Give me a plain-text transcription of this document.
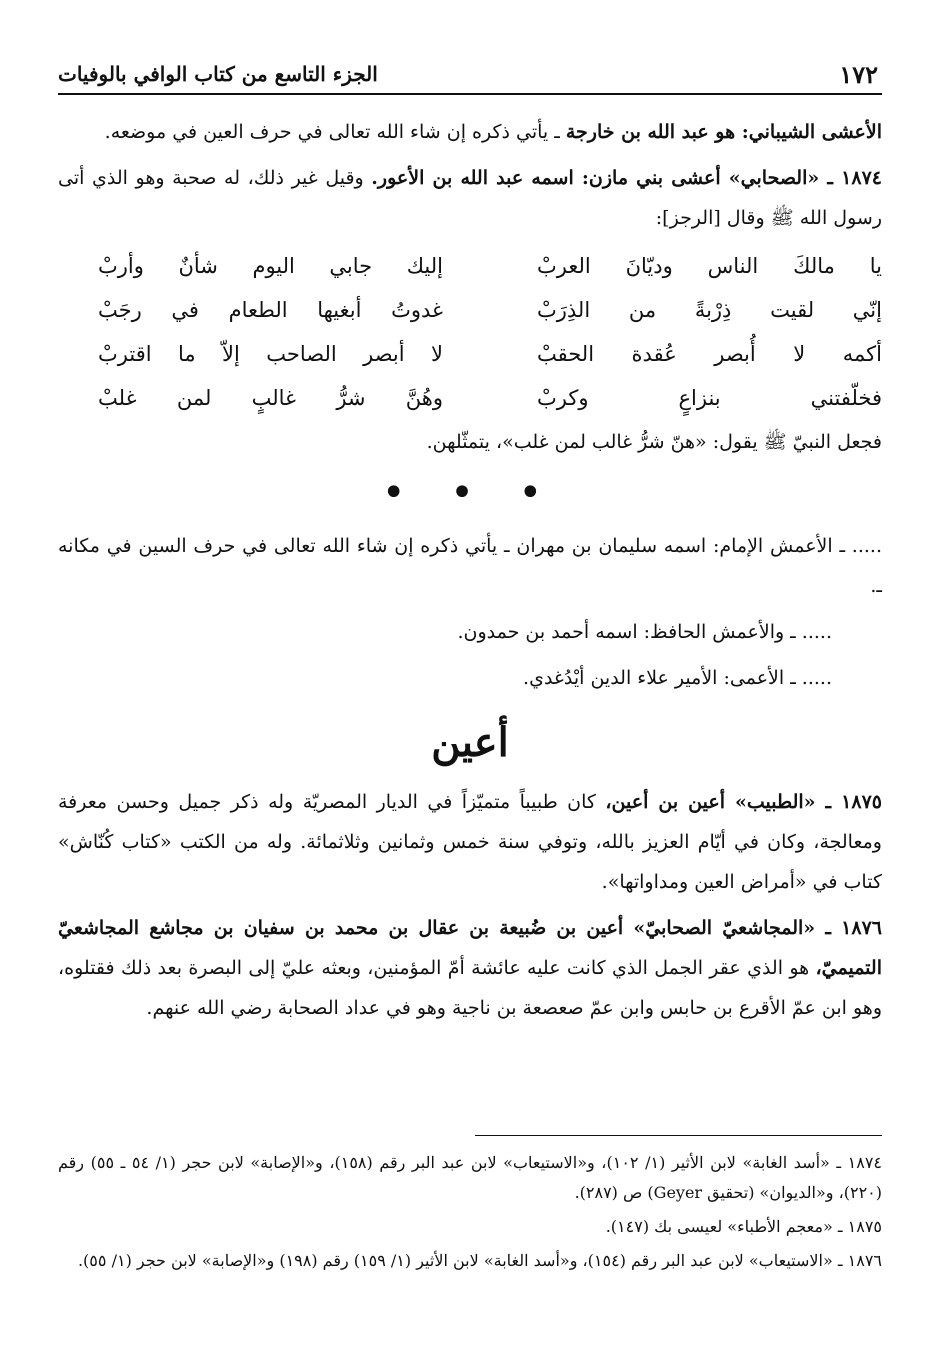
١٧٢
الجزء التاسع من كتاب الوافي بالوفيات

الأعشى الشيباني: هو عبد الله بن خارجة ـ يأتي ذكره إن شاء الله تعالى في حرف العين في موضعه.

١٨٧٤ ـ «الصحابي» أعشى بني مازن: اسمه عبد الله بن الأعور. وقيل غير ذلك، له صحبة وهو الذي أتى رسول الله ﷺ وقال [الرجز]:

يا مالكَ الناس وديّانَ العربْ
إليك جابي اليوم شأنٌ وأربْ
إنّي لقيت ذِرْبةً من الذِرَبْ
غدوتُ أبغيها الطعام في رجَبْ
أكمه لا أُبصر عُقدة الحقبْ
لا أبصر الصاحب إلاّ ما اقتربْ
فخلّفتني بنزاعٍ وكربْ
وهُنَّ شرُّ غالبٍ لمن غلبْ

فجعل النبيّ ﷺ يقول: «هنّ شرُّ غالب لمن غلب»، يتمثّلهن.

• • •

..... ـ الأعمش الإمام: اسمه سليمان بن مهران ـ يأتي ذكره إن شاء الله تعالى في حرف السين في مكانه ـ.

..... ـ والأعمش الحافظ: اسمه أحمد بن حمدون.

..... ـ الأعمى: الأمير علاء الدين أيْدُغدي.

أعين

١٨٧٥ ـ «الطبيب» أعين بن أعين، كان طبيباً متميّزاً في الديار المصريّة وله ذكر جميل وحسن معرفة ومعالجة، وكان في أيّام العزيز بالله، وتوفي سنة خمس وثمانين وثلاثمائة. وله من الكتب «كتاب كُنّاش» كتاب في «أمراض العين ومداواتها».

١٨٧٦ ـ «المجاشعيّ الصحابيّ» أعين بن ضُبيعة بن عقال بن محمد بن سفيان بن مجاشع المجاشعيّ التميميّ، هو الذي عقر الجمل الذي كانت عليه عائشة أمّ المؤمنين، وبعثه عليّ إلى البصرة بعد ذلك فقتلوه، وهو ابن عمّ الأقرع بن حابس وابن عمّ صعصعة بن ناجية وهو في عداد الصحابة رضي الله عنهم.

١٨٧٤ ـ «أسد الغابة» لابن الأثير (١/ ١٠٢)، و«الاستيعاب» لابن عبد البر رقم (١٥٨)، و«الإصابة» لابن حجر (١/ ٥٤ ـ ٥٥) رقم (٢٢٠)، و«الديوان» (تحقيق Geyer) ص (٢٨٧).

١٨٧٥ ـ «معجم الأطباء» لعيسى بك (١٤٧).

١٨٧٦ ـ «الاستيعاب» لابن عبد البر رقم (١٥٤)، و«أسد الغابة» لابن الأثير (١/ ١٥٩) رقم (١٩٨) و«الإصابة» لابن حجر (١/ ٥٥).
